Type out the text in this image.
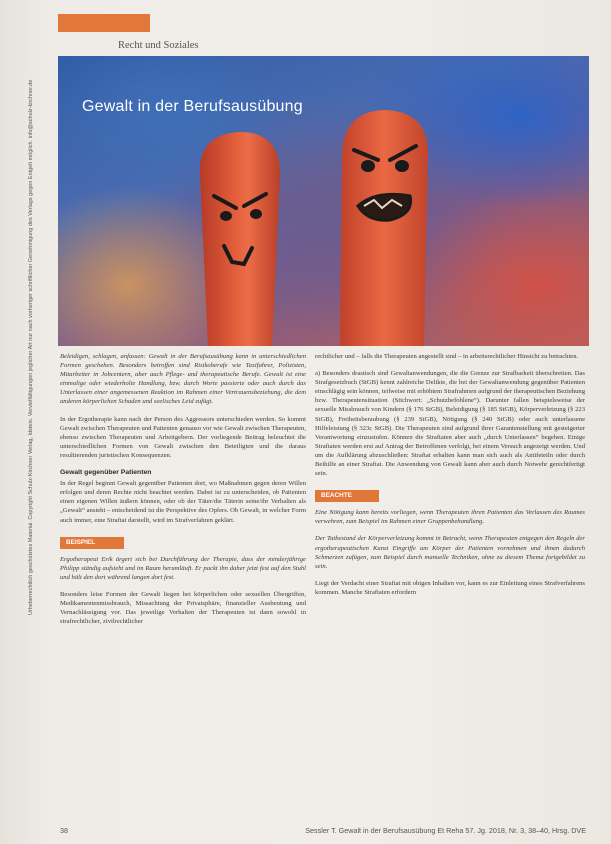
Urheberrechtlich geschütztes Material. Copyright Schulz-Kirchner Verlag, Idstein. Vervielfältigungen jeglicher Art nur nach vorheriger schriftlicher Genehmigung des Verlags gegen Entgelt möglich. info@schulz-kirchner.de
Recht und Soziales
Gewalt in der Berufsausübung

Beleidigen, schlagen, anfassen: Gewalt in der Berufsausübung kann in unterschiedlichen Formen geschehen. Besonders betroffen sind Risikoberufe wie Taxifahrer, Polizisten, Mitarbeiter in Jobcentern, aber auch Pflege- und therapeutische Berufe. Gewalt ist eine einmalige oder wiederholte Handlung, bzw. durch Worte passierte oder auch durch das Unterlassen einer angemessenen Reaktion im Rahmen einer Vertrauensbeziehung, die dem anderen körperlichen Schaden und seelisches Leid zufügt.

In der Ergotherapie kann nach der Person des Aggressors unterschieden werden. So kommt Gewalt zwischen Therapeuten und Patienten genauso vor wie Gewalt zwischen Therapeuten, ebenso zwischen Therapeuten und Arbeitgebern. Der vorliegende Beitrag beleuchtet die unterschiedlichen Formen von Gewalt zwischen den Beteiligten und die daraus resultierenden juristischen Konsequenzen.

Gewalt gegenüber Patienten

In der Regel beginnt Gewalt gegenüber Patienten dort, wo Maßnahmen gegen deren Willen erfolgen und deren Rechte nicht beachtet werden. Dabei ist zu unterscheiden, ob Patienten einen eigenen Willen äußern können, oder ob der Täter/die Täterin seine/ihr Verhalten als „Gewalt“ ansieht – entscheidend ist die Perspektive des Opfers. Ob Gewalt, in welcher Form auch immer, eine Straftat darstellt, wird im Strafverfahren geklärt.

BEISPIEL

Ergotherapeut Erik ärgert sich bei Durchführung der Therapie, dass der minderjährige Philipp ständig aufsteht und im Raum herumläuft. Er packt ihn daher jetzt fest auf den Stuhl und hält den dort während langen dort fest.

Besonders leise Formen der Gewalt liegen bei körperlichen oder sexuellen Übergriffen, Medikamentenmissbrauch, Missachtung der Privatsphäre, finanzieller Ausbeutung und Vernachlässigung vor. Das jeweilige Verhalten der Therapeuten ist dann sowohl in strafrechtlicher, zivilrechtlicher

rechtlicher und – falls die Therapeuten angestellt sind – in arbeitsrechtlicher Hinsicht zu betrachten.

a) Besonders drastisch sind Gewaltanwendungen, die die Grenze zur Strafbarkeit überschreiten. Das Strafgesetzbuch (StGB) kennt zahlreiche Delikte, die bei der Gewaltanwendung gegenüber Patienten einschlägig sein können, teilweise mit erhöhtem Strafrahmen aufgrund der therapeutischen Beziehung bzw. Therapeutensituation (Stichwort: „Schutzbefohlene“). Darunter fallen beispielsweise der sexuelle Missbrauch von Kindern (§ 176 StGB), Beleidigung (§ 185 StGB), Körperverletzung (§ 223 StGB), Freiheitsberaubung (§ 239 StGB), Nötigung (§ 240 StGB) oder auch unterlassene Hilfeleistung (§ 323c StGB). Die Therapeuten sind aufgrund ihrer Garantenstellung mit gesteigerter Verantwortung einzustufen. Können die Straftaten aber auch „durch Unterlassen“ begehen. Einige Straftaten werden erst auf Antrag der Betroffenen verfolgt, bei einem Versuch angezeigt werden. Und um die Aufklärung abzuschließen: Straftat erhalten kann man sich auch als Antifeteiln oder durch Beihilfe an einer Straftat. Die Anwendung von Gewalt kann aber auch durch Notwehr gerechtfertigt sein.

BEACHTE

Eine Nötigung kann bereits vorliegen, wenn Therapeuten ihren Patienten das Verlassen des Raumes verwehren, zum Beispiel im Rahmen einer Gruppenbehandlung.

Der Tatbestand der Körperverletzung kommt in Betracht, wenn Therapeuten entgegen den Regeln der ergotherapeutischen Kunst Eingriffe am Körper der Patienten vornehmen und ihnen dadurch Schmerzen zufügen, zum Beispiel durch manuelle Techniken, ohne zu diesem Thema fortgebildet zu sein.

Liegt der Verdacht einer Straftat mit obigen Inhalten vor, kann es zur Einleitung eines Strafverfahrens kommen. Manche Straftaten erfordern

38	Sessler T. Gewalt in der Berufsausübung Et Reha 57. Jg. 2018, Nr. 3, 38–40, Hrsg. DVE
